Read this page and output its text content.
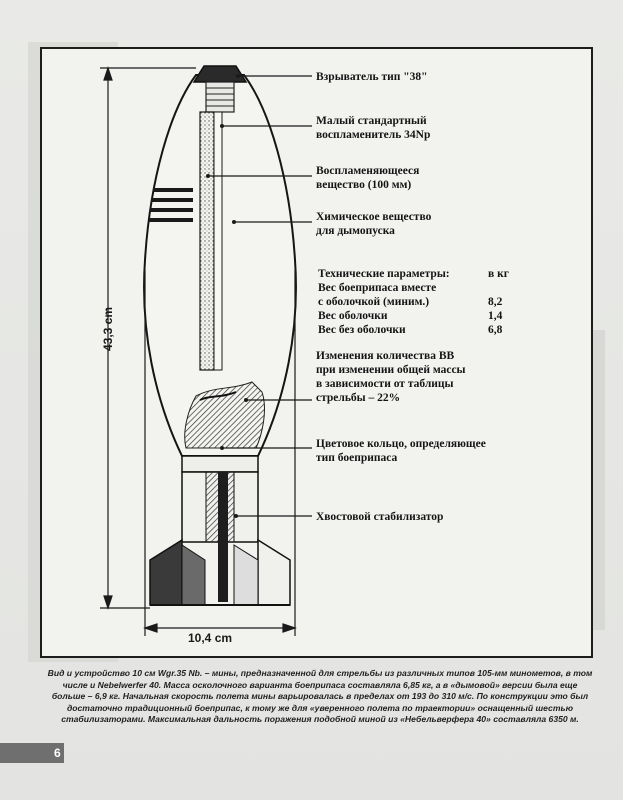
Взрыватель тип "38"
Малый стандартный
воспламенитель 34Np
Воспламеняющееся
вещество (100 мм)
Химическое вещество
для дымопуска
Технические параметры:	в кг
Вес боеприпаса вместе
с оболочкой (миним.)	8,2
Вес оболочки	1,4
Вес без оболочки	6,8
Изменения количества ВВ
при изменении общей массы
в зависимости от таблицы
стрельбы – 22%
Цветовое кольцо, определяющее
тип боеприпаса
Хвостовой стабилизатор
43,3 cm
10,4 cm
Вид и устройство 10 см Wgr.35 Nb. – мины, предназначенной для стрельбы из различных типов 105-мм минометов, в том числе и Nebelwerfer 40. Масса осколочного варианта боеприпаса составляла 6,85 кг, а в «дымовой» версии была еще больше – 6,9 кг. Начальная скорость полета мины варьировалась в пределах от 193 до 310 м/с. По конструкции это был достаточно традиционный боеприпас, к тому же для «уверенного полета по траектории» оснащенный шестью стабилизаторами. Максимальная дальность поражения подобной миной из «Небельверфера 40» составляла 6350 м.
6
